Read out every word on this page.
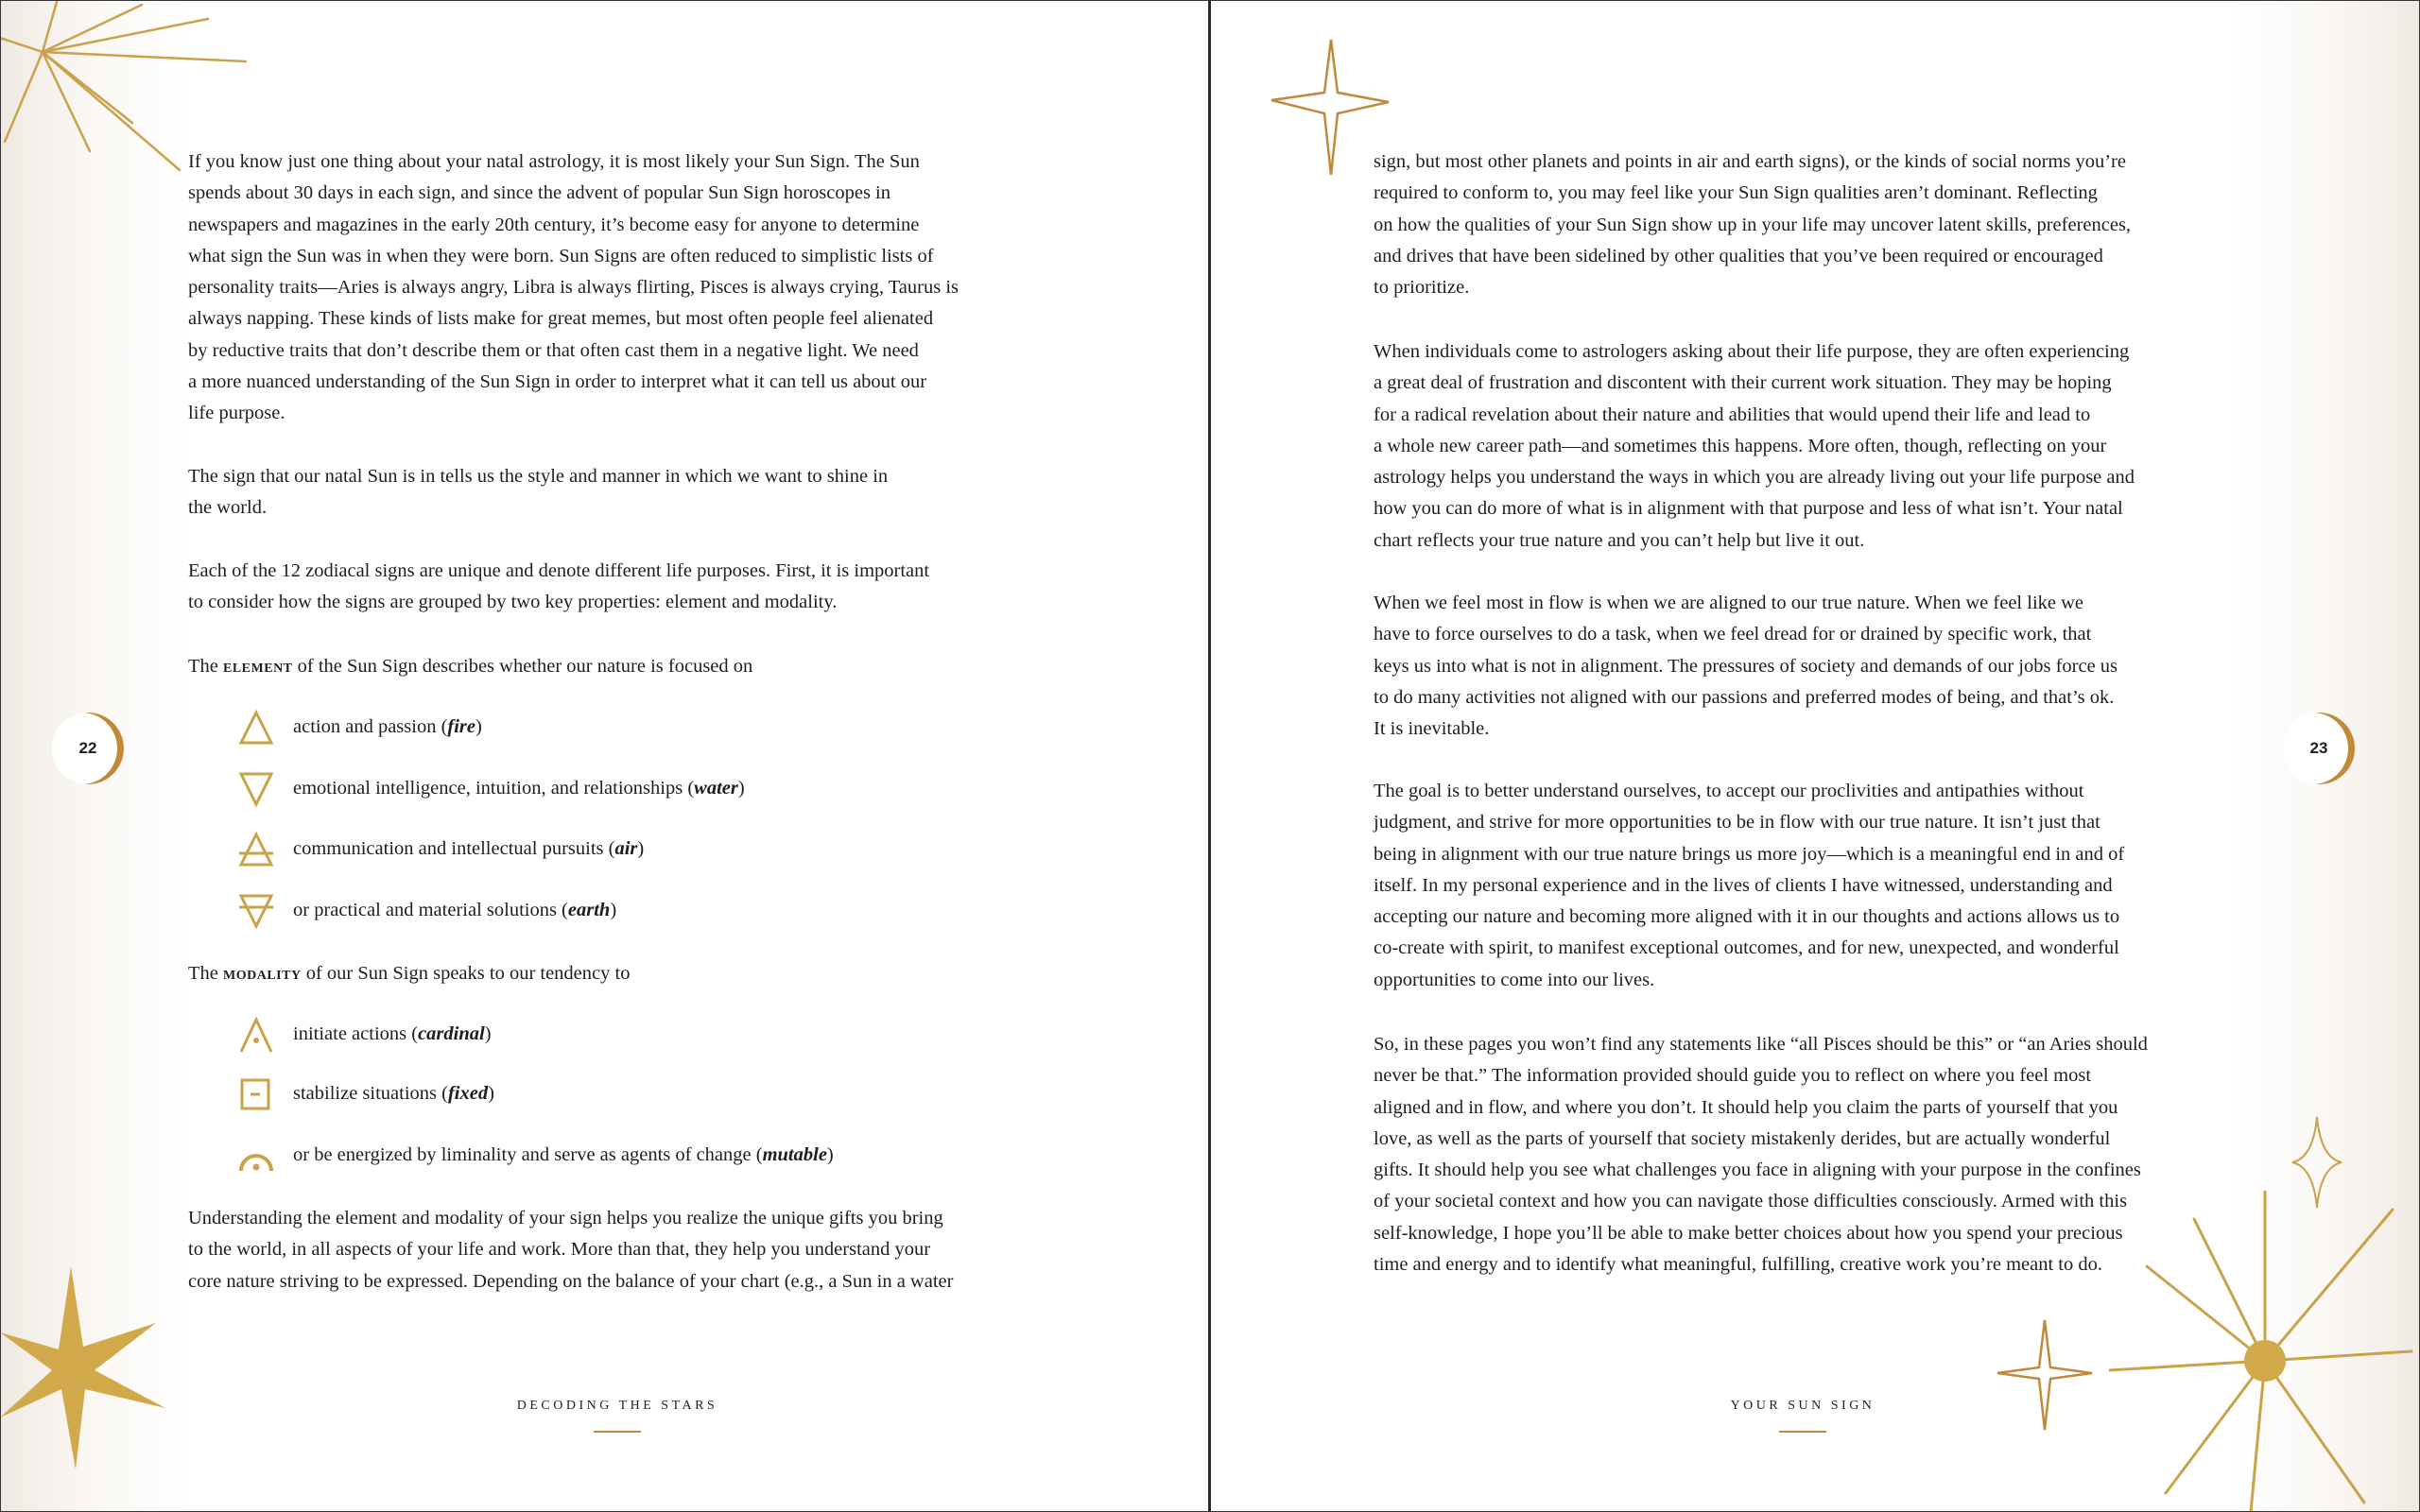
If you know just one thing about your natal astrology, it is most likely your Sun Sign. The Sun
spends about 30 days in each sign, and since the advent of popular Sun Sign horoscopes in
newspapers and magazines in the early 20th century, it’s become easy for anyone to determine
what sign the Sun was in when they were born. Sun Signs are often reduced to simplistic lists of
personality traits—Aries is always angry, Libra is always flirting, Pisces is always crying, Taurus is
always napping. These kinds of lists make for great memes, but most often people feel alienated
by reductive traits that don’t describe them or that often cast them in a negative light. We need
a more nuanced understanding of the Sun Sign in order to interpret what it can tell us about our
life purpose.
The sign that our natal Sun is in tells us the style and manner in which we want to shine in
the world.
Each of the 12 zodiacal signs are unique and denote different life purposes. First, it is important
to consider how the signs are grouped by two key properties: element and modality.
The element of the Sun Sign describes whether our nature is focused on
action and passion (fire)
emotional intelligence, intuition, and relationships (water)
communication and intellectual pursuits (air)
or practical and material solutions (earth)
The modality of our Sun Sign speaks to our tendency to
initiate actions (cardinal)
stabilize situations (fixed)
or be energized by liminality and serve as agents of change (mutable)
Understanding the element and modality of your sign helps you realize the unique gifts you bring
to the world, in all aspects of your life and work. More than that, they help you understand your
core nature striving to be expressed. Depending on the balance of your chart (e.g., a Sun in a water
22
DECODING THE STARS
sign, but most other planets and points in air and earth signs), or the kinds of social norms you’re
required to conform to, you may feel like your Sun Sign qualities aren’t dominant. Reflecting
on how the qualities of your Sun Sign show up in your life may uncover latent skills, preferences,
and drives that have been sidelined by other qualities that you’ve been required or encouraged
to prioritize.
When individuals come to astrologers asking about their life purpose, they are often experiencing
a great deal of frustration and discontent with their current work situation. They may be hoping
for a radical revelation about their nature and abilities that would upend their life and lead to
a whole new career path—and sometimes this happens. More often, though, reflecting on your
astrology helps you understand the ways in which you are already living out your life purpose and
how you can do more of what is in alignment with that purpose and less of what isn’t. Your natal
chart reflects your true nature and you can’t help but live it out.
When we feel most in flow is when we are aligned to our true nature. When we feel like we
have to force ourselves to do a task, when we feel dread for or drained by specific work, that
keys us into what is not in alignment. The pressures of society and demands of our jobs force us
to do many activities not aligned with our passions and preferred modes of being, and that’s ok.
It is inevitable.
The goal is to better understand ourselves, to accept our proclivities and antipathies without
judgment, and strive for more opportunities to be in flow with our true nature. It isn’t just that
being in alignment with our true nature brings us more joy—which is a meaningful end in and of
itself. In my personal experience and in the lives of clients I have witnessed, understanding and
accepting our nature and becoming more aligned with it in our thoughts and actions allows us to
co-create with spirit, to manifest exceptional outcomes, and for new, unexpected, and wonderful
opportunities to come into our lives.
So, in these pages you won’t find any statements like “all Pisces should be this” or “an Aries should
never be that.” The information provided should guide you to reflect on where you feel most
aligned and in flow, and where you don’t. It should help you claim the parts of yourself that you
love, as well as the parts of yourself that society mistakenly derides, but are actually wonderful
gifts. It should help you see what challenges you face in aligning with your purpose in the confines
of your societal context and how you can navigate those difficulties consciously. Armed with this
self-knowledge, I hope you’ll be able to make better choices about how you spend your precious
time and energy and to identify what meaningful, fulfilling, creative work you’re meant to do.
23
YOUR SUN SIGN
